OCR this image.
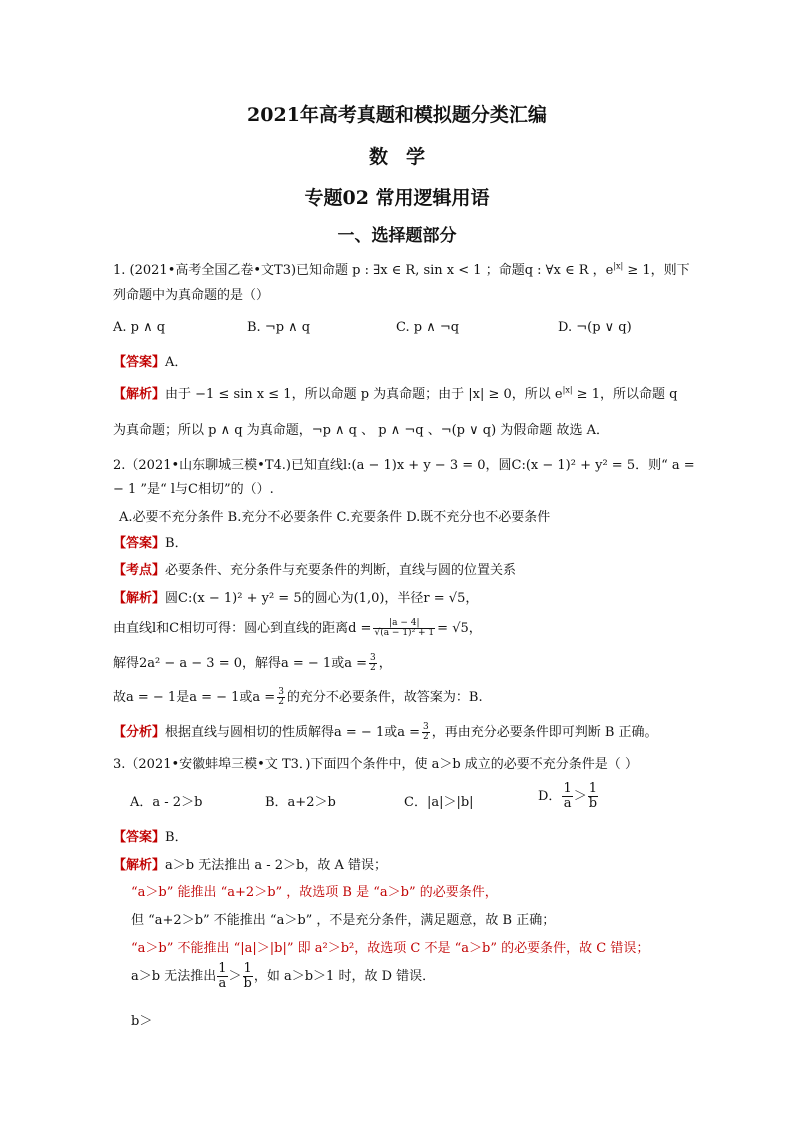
2021年高考真题和模拟题分类汇编
数学
专题02 常用逻辑用语
一、选择题部分
1. (2021•高考全国乙卷•文T3)已知命题 p : ∃x ∈ R, sin x < 1 ；命题q : ∀x ∈ R ，$e^{|x|} \ge 1$，则下
列命题中为真命题的是（）
A. p ∧ q	B. ¬p ∧ q	C. p ∧ ¬q	D. ¬(p ∨ q)
【答案】A．
【解析】由于 −1 ≤ sin x ≤ 1，所以命题 p 为真命题；由于 |x| ≥ 0，所以 $e^{|x|} \ge 1$，所以命题 q
为真命题；所以 p ∧ q 为真命题，¬p ∧ q 、 p ∧ ¬q 、¬(p ∨ q) 为假命题 故选 A．
2.（2021•山东聊城三模•T4.)已知直线l:(a − 1)x + y − 3 = 0，圆C:(x − 1)² + y² = 5．则“ a =
− 1 ”是“ l与C相切”的（）.
A.必要不充分条件 B.充分不必要条件 C.充要条件 D.既不充分也不必要条件
【答案】B．
【考点】必要条件、充分条件与充要条件的判断，直线与圆的位置关系
【解析】圆C:(x − 1)² + y² = 5的圆心为(1,0)，半径r = √5，
由直线l和C相切可得：圆心到直线的距离$d = \frac{|a - 4|}{\text{√(a − 1)² + 1}} = √5$，
解得2a² − a − 3 = 0，解得a = − 1或$a = \frac{3}{2}$ ，
故a = − 1是a = − 1或$a = \frac{3}{2}$ 的充分不必要条件，故答案为：B.
【分析】根据直线与圆相切的性质解得a = − 1或$a = \frac{3}{2}$ ，再由充分必要条件即可判断 B 正确。
3.（2021•安徽蚌埠三模•文 T3．)下面四个条件中，使 a＞b 成立的必要不充分条件是（ ）
A．a - 2＞b	B．a+2＞b	C．|a|＞|b|	D． $\frac{1}{a} > \frac{1}{b}$
【答案】B．
【解析】a＞b 无法推出 a - 2＞b，故 A 错误；
“a＞b” 能推出 “a+2＞b” ，故选项 B 是 “a＞b” 的必要条件，
但 “a+2＞b” 不能推出 “a＞b” ，不是充分条件，满足题意，故 B 正确；
“a＞b” 不能推出 “|a|＞|b|” 即 a²＞b²，故选项 C 不是 “a＞b” 的必要条件，故 C 错误；
a＞b 无法推出 $\frac{1}{a} > \frac{1}{b}$ ，如 a＞b＞1 时，故 D 错误．
b＞
